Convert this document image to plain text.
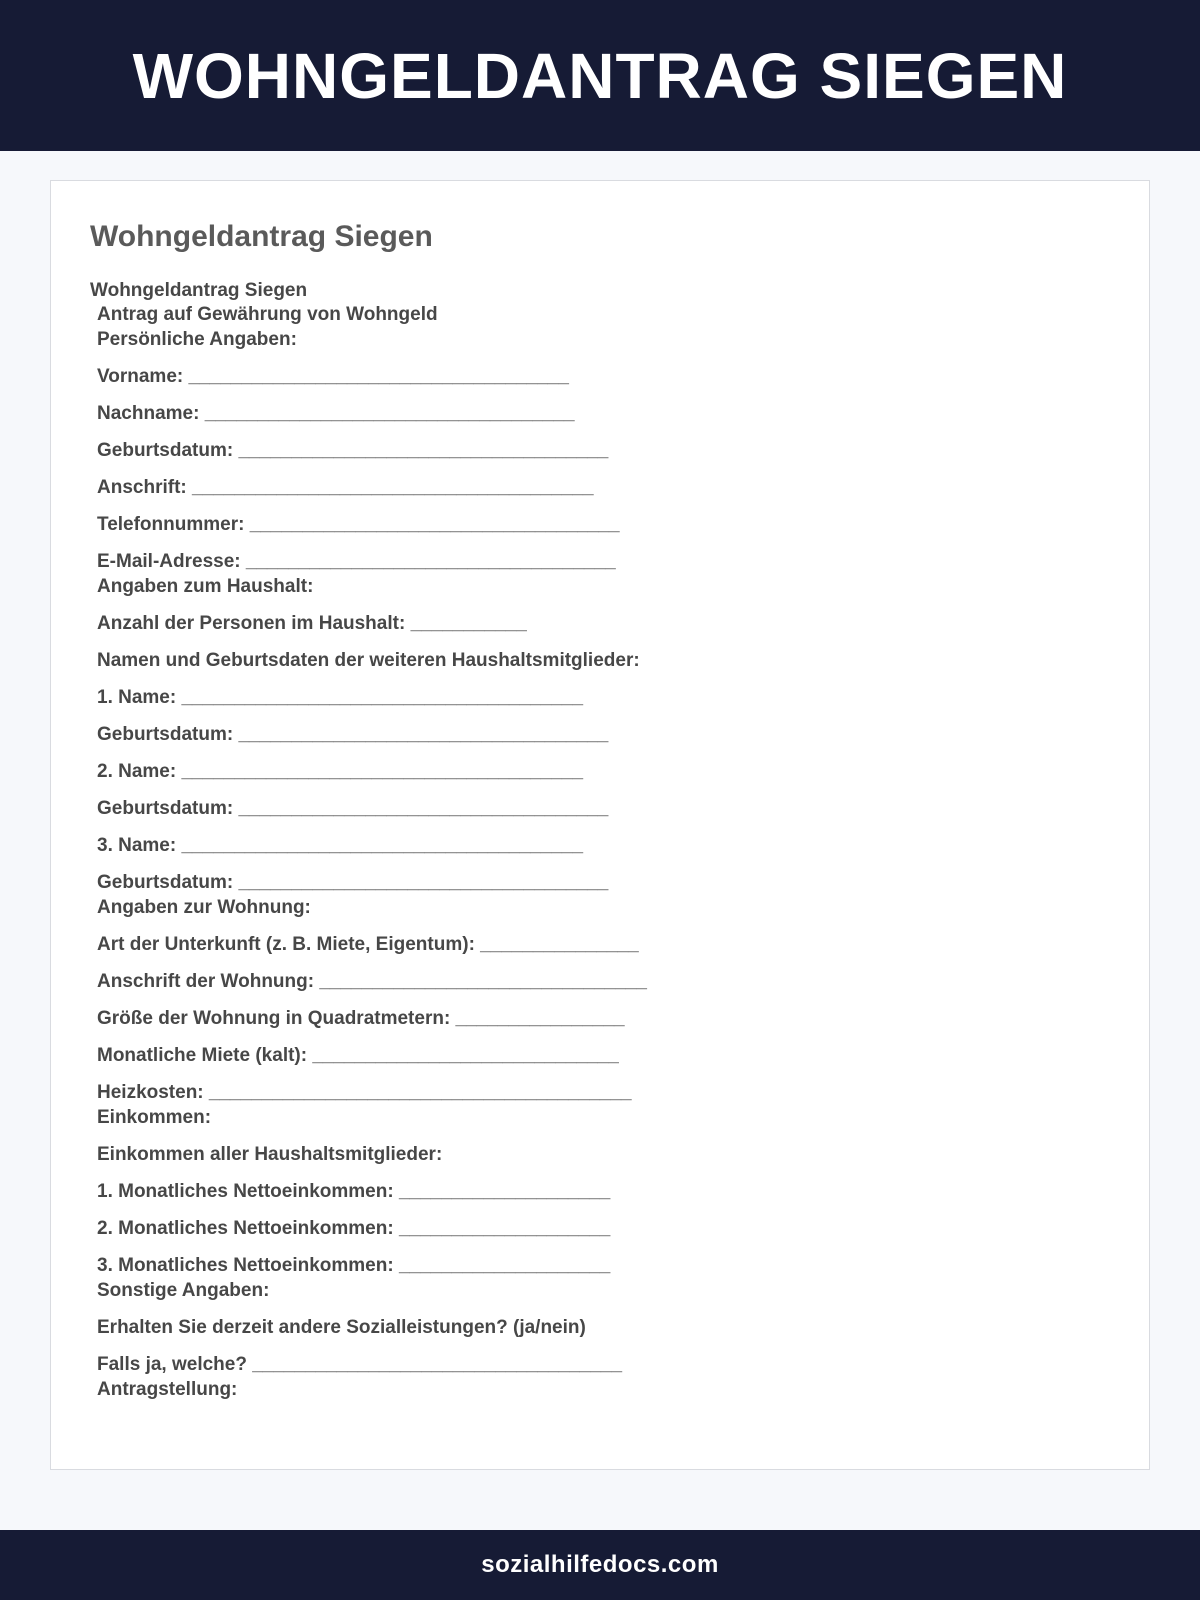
WOHNGELDANTRAG SIEGEN
Wohngeldantrag Siegen
Wohngeldantrag Siegen
Antrag auf Gewährung von Wohngeld
Persönliche Angaben:
Vorname: ____________________________________
Nachname: ___________________________________
Geburtsdatum: ___________________________________
Anschrift: ______________________________________
Telefonnummer: ___________________________________
E-Mail-Adresse: ___________________________________
Angaben zum Haushalt:
Anzahl der Personen im Haushalt: ___________
Namen und Geburtsdaten der weiteren Haushaltsmitglieder:
1. Name: ______________________________________
Geburtsdatum: ___________________________________
2. Name: ______________________________________
Geburtsdatum: ___________________________________
3. Name: ______________________________________
Geburtsdatum: ___________________________________
Angaben zur Wohnung:
Art der Unterkunft (z. B. Miete, Eigentum): _______________
Anschrift der Wohnung: _______________________________
Größe der Wohnung in Quadratmetern: ________________
Monatliche Miete (kalt): _____________________________
Heizkosten: ________________________________________
Einkommen:
Einkommen aller Haushaltsmitglieder:
1. Monatliches Nettoeinkommen: ____________________
2. Monatliches Nettoeinkommen: ____________________
3. Monatliches Nettoeinkommen: ____________________
Sonstige Angaben:
Erhalten Sie derzeit andere Sozialleistungen? (ja/nein)
Falls ja, welche? ___________________________________
Antragstellung:
sozialhilfedocs.com
